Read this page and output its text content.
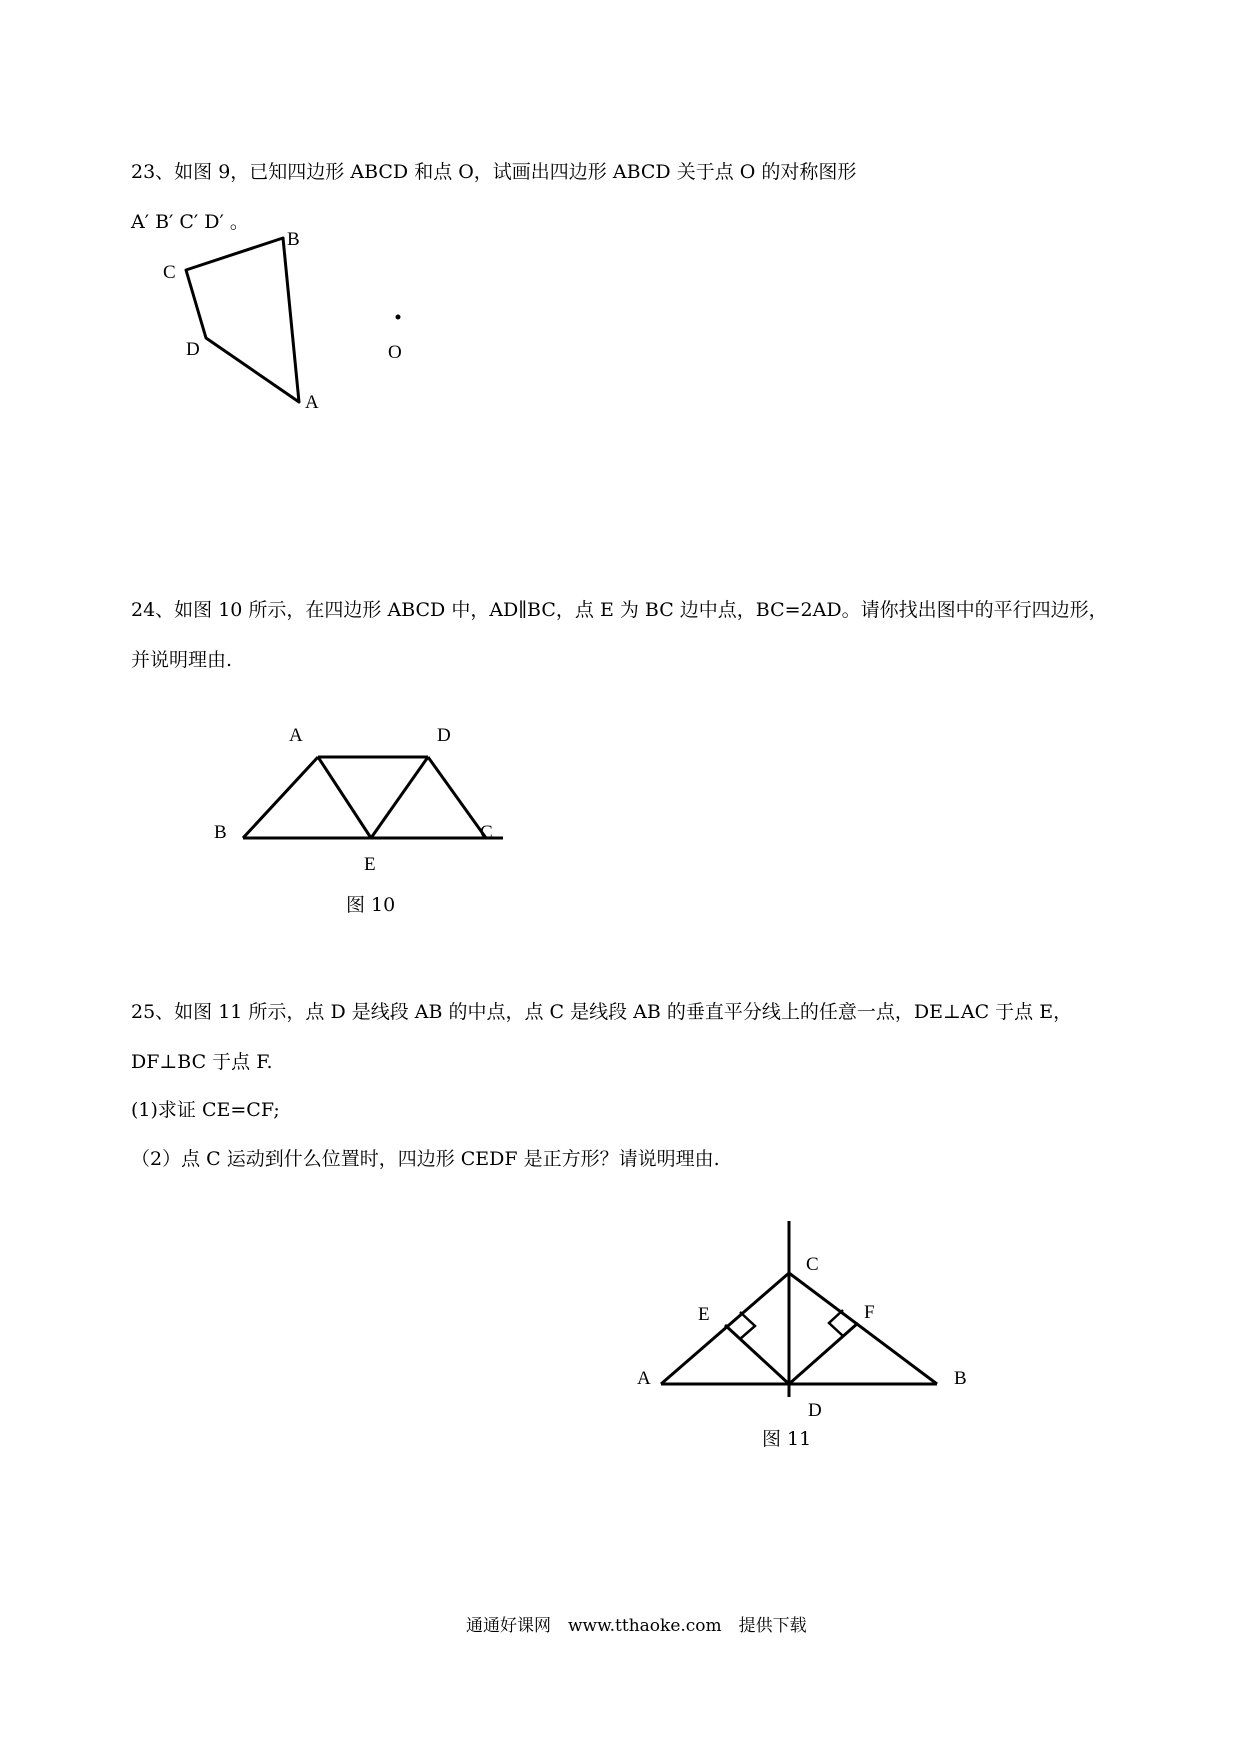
23、如图 9，已知四边形 ABCD 和点 O，试画出四边形 ABCD 关于点 O 的对称图形
A′ B′ C′ D′ 。
A
B
C
D	O
24、如图 10 所示，在四边形 ABCD 中，AD∥BC，点 E 为 BC 边中点，BC=2AD。请你找出图中的平行四边形，
并说明理由.
A	D
B
E
C
图 10
25、如图 11 所示，点 D 是线段 AB 的中点，点 C 是线段 AB 的垂直平分线上的任意一点，DE⊥AC 于点 E，
DF⊥BC 于点 F.
(1)求证 CE=CF;
（2）点 C 运动到什么位置时，四边形 CEDF 是正方形？请说明理由.
C
E	F
A	B
D
图 11
通通好课网　www.tthaoke.com　提供下载
